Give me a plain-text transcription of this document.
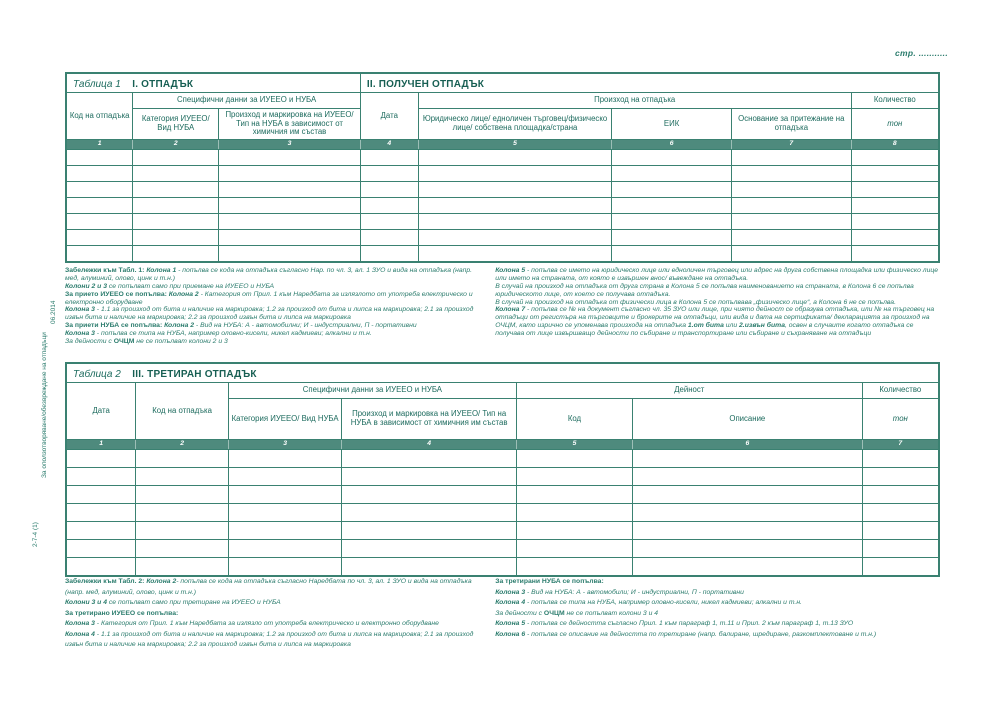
стр. ...........
06.2014
За оползотворяване/обезвреждане на отпадъци
2-7-4 (1)
Таблица 1 I. ОТПАДЪК			II. ПОЛУЧЕН ОТПАДЪК				
Код на отпадъка	Специфични данни за ИУЕЕО и НУБА		Дата	Произход на отпадъка			Количество
	Категория ИУЕЕО/ Вид НУБА	Произход и маркировка на ИУЕЕО/Тип на НУБА в зависимост от химичния им състав		Юридическо лице/ едноличен търговец/физическо лице/ собствена площадка/страна	ЕИК	Основание за притежание на отпадъка	тон
1	2	3	4	5	6	7	8

Забележки към Табл. 1: Колона 1 - попълва се кода на отпадъка съгласно Нар. по чл. 3, ал. 1 ЗУО и вида на отпадъка (напр. мед, алуминий, олово, цинк и т.н.)

Колони 2 и 3 се попълват само при приемане на ИУЕЕО и НУБА

За прието ИУЕЕО се попълва: Колона 2 - Категория от Прил. 1 към Наредбата за излязлото от употреба електрическо и електронно оборудване

Колона 3 - 1.1 за произход от бита и наличие на маркировка; 1.2 за произход от бита и липса на маркировка; 2.1 за произход извън бита и наличие на маркировка; 2.2 за произход извън бита и липса на маркировка

За приети НУБА се попълва: Колона 2 - Вид на НУБА: А - автомобилни; И - индустриални, П - портативни

Колона 3 - попълва се типа на НУБА, например оловно-кисели, никел кадмиеви; алкални и т.н.

За дейности с ОЧЦМ не се попълват колони 2 и 3

Колона 5 - попълва се името на юридическо лице или едноличен търговец или адрес на друга собствена площадка или физическо лице или името на страната, от която е извършен внос/ въвеждане на отпадъка.

В случай на произход на отпадъка от друга страна в Колона 5 се попълва наименованието на страната, в Колона 6 се попълва юридическото лице, от което се получава отпадъка.

В случай на произход на отпадъка от физически лица в Колона 5 се попълвава „физическо лице“, а Колона 6 не се попълва.

Колона 7 - попълва се № на документ съгласно чл. 35 ЗУО или лице, при чиято дейност се образува отпадъка, или № на търговец на отпадъци от регистъра на търговците и брокерите на отпадъци, или вида и дата на сертификата/ декларацията за произход на ОЧЦМ, като изрично се упоменава произхода на отпадъка 1.от бита или 2.извън бита, освен в случаите когато отпадъка се получава от лице извършващо дейности по събиране и транспортиране или събиране и съхраняване на отпадъци

Таблица 2 III. ТРЕТИРАН ОТПАДЪК						
Дата	Код на отпадъка	Специфични данни за ИУЕЕО и НУБА		Дейност		Количество
		Категория ИУЕЕО/ Вид НУБА	Произход и маркировка на ИУЕЕО/ Тип на НУБА в зависимост от химичния им състав	Код	Описание	тон
1	2	3	4	5	6	7

Забележки към Табл. 2: Колона 2- попълва се кода на отпадъка съгласно Наредбата по чл. 3, ал. 1 ЗУО и вида на отпадъка (напр. мед, алуминий, олово, цинк и т.н.)

Колони 3 и 4 се попълват само при третиране на ИУЕЕО и НУБА

За третирано ИУЕЕО се попълва:

Колона 3 - Категория от Прил. 1 към Наредбата за излязло от употреба електрическо и електронно оборудване

Колона 4 - 1.1 за произход от бита и наличие на маркировка; 1.2 за произход от бита и липса на маркировка; 2.1 за произход извън бита и наличие на маркировка; 2.2 за произход извън бита и липса на маркировка

За третирани НУБА се попълва:

Колона 3 - Вид на НУБА: А - автомобили; И - индустриални, П - портативни

Колона 4 - попълва се типа на НУБА, например оловно-кисели, никел кадмиеви; алкални и т.н.

За дейности с ОЧЦМ не се попълват колони 3 и 4

Колона 5 - попълва се дейността съгласно Прил. 1 към параграф 1, т.11 и Прил. 2 към параграф 1, т.13 ЗУО

Колона 6 - попълва се описание на дейността по третиране (напр. балиране, шредиране, разкомплектоване и т.н.)
